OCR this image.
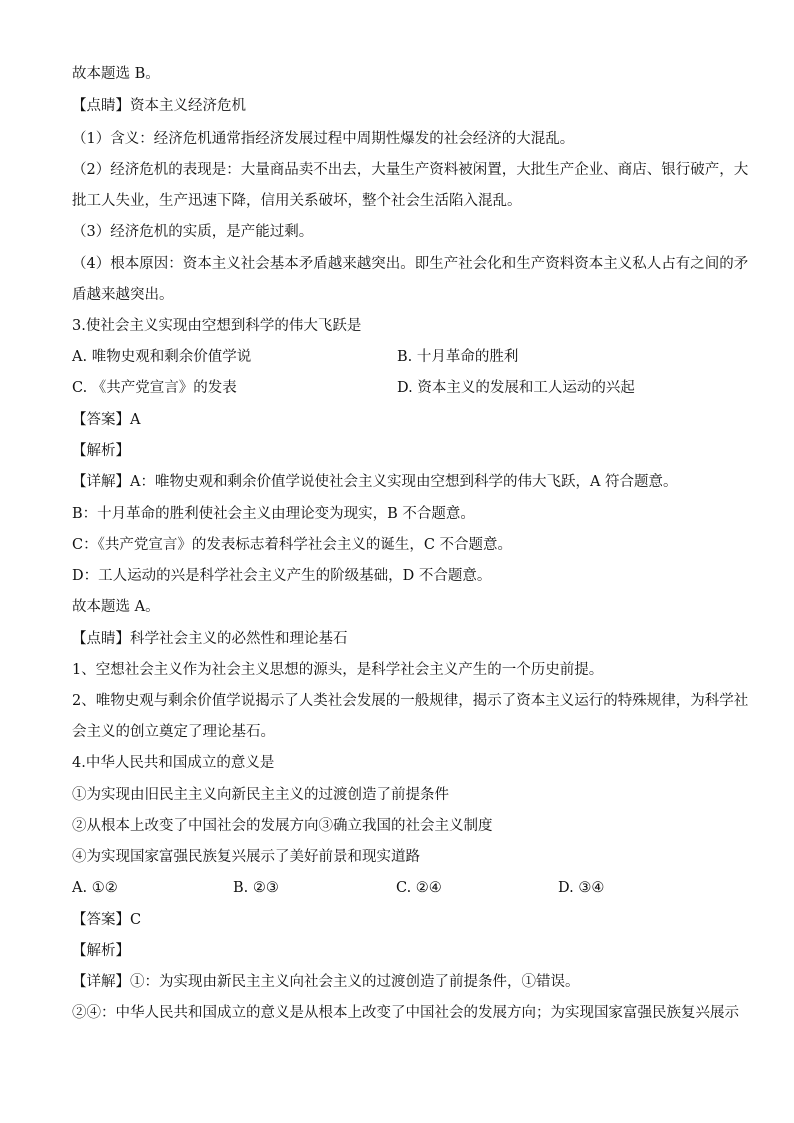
故本题选 B。
【点睛】资本主义经济危机
（1）含义：经济危机通常指经济发展过程中周期性爆发的社会经济的大混乱。
（2）经济危机的表现是：大量商品卖不出去，大量生产资料被闲置，大批生产企业、商店、银行破产，大
批工人失业，生产迅速下降，信用关系破坏，整个社会生活陷入混乱。
（3）经济危机的实质，是产能过剩。
（4）根本原因：资本主义社会基本矛盾越来越突出。即生产社会化和生产资料资本主义私人占有之间的矛
盾越来越突出。
3.使社会主义实现由空想到科学的伟大飞跃是
A. 唯物史观和剩余价值学说	B. 十月革命的胜利
C. 《共产党宣言》的发表	D. 资本主义的发展和工人运动的兴起
【答案】A
【解析】
【详解】A：唯物史观和剩余价值学说使社会主义实现由空想到科学的伟大飞跃，A 符合题意。
B：十月革命的胜利使社会主义由理论变为现实，B 不合题意。
C：《共产党宣言》的发表标志着科学社会主义的诞生，C 不合题意。
D：工人运动的兴是科学社会主义产生的阶级基础，D 不合题意。
故本题选 A。
【点睛】科学社会主义的必然性和理论基石
1、空想社会主义作为社会主义思想的源头，是科学社会主义产生的一个历史前提。
2、唯物史观与剩余价值学说揭示了人类社会发展的一般规律，揭示了资本主义运行的特殊规律，为科学社
会主义的创立奠定了理论基石。
4.中华人民共和国成立的意义是
①为实现由旧民主主义向新民主主义的过渡创造了前提条件
②从根本上改变了中国社会的发展方向③确立我国的社会主义制度
④为实现国家富强民族复兴展示了美好前景和现实道路
A. ①②	B. ②③	C. ②④	D. ③④
【答案】C
【解析】
【详解】①：为实现由新民主主义向社会主义的过渡创造了前提条件，①错误。
②④：中华人民共和国成立的意义是从根本上改变了中国社会的发展方向；为实现国家富强民族复兴展示
